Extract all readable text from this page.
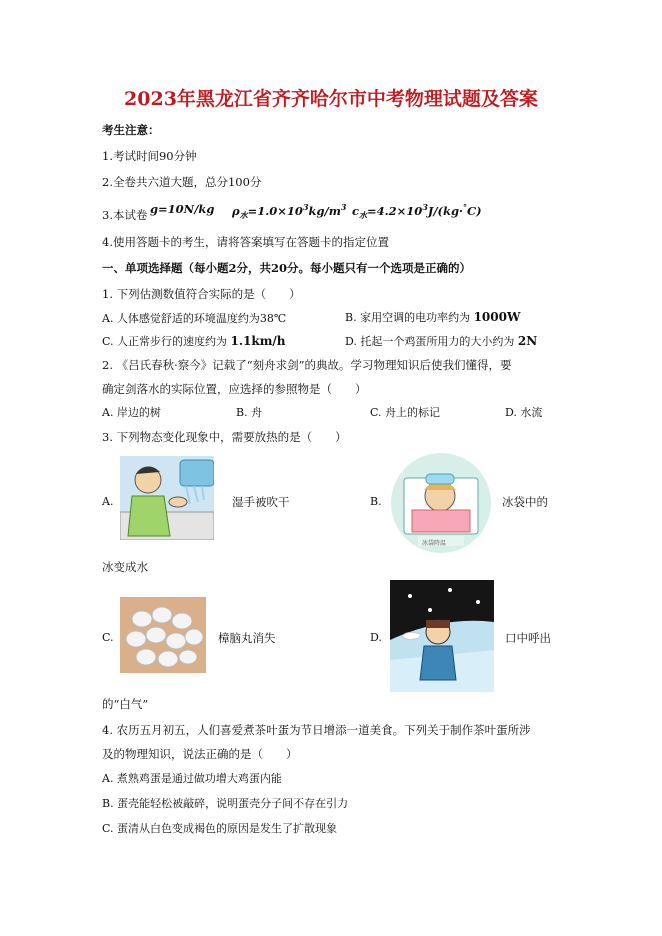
2023年黑龙江省齐齐哈尔市中考物理试题及答案
考生注意：
1.考试时间90分钟
2.全卷共六道大题，总分100分
3.本试卷 g=10N/kg $\rho_水=1.0\times 10^3kg/m^3$ $c_水=4.2\times 10^3J/(kg\cdot^\circ C)$
4.使用答题卡的考生，请将答案填写在答题卡的指定位置
一、单项选择题（每小题2分，共20分。每小题只有一个选项是正确的）
1. 下列估测数值符合实际的是（　　）
A. 人体感觉舒适的环境温度约为38℃	B. 家用空调的电功率约为 1000W
C. 人正常步行的速度约为 1.1km/h	D. 托起一个鸡蛋所用力的大小约为 2N
2. 《吕氏春秋·察今》记载了“刻舟求剑”的典故。学习物理知识后使我们懂得，要
确定剑落水的实际位置，应选择的参照物是（　　）
A. 岸边的树	B. 舟	C. 舟上的标记	D. 水流
3. 下列物态变化现象中，需要放热的是（　　）
A.	湿手被吹干	B.
冰袋降温
冰袋中的
冰变成水
C.	樟脑丸消失	D.	口中呼出
的“白气”
4. 农历五月初五，人们喜爱煮茶叶蛋为节日增添一道美食。下列关于制作茶叶蛋所涉
及的物理知识，说法正确的是（　　）
A. 煮熟鸡蛋是通过做功增大鸡蛋内能
B. 蛋壳能轻松被敲碎，说明蛋壳分子间不存在引力
C. 蛋清从白色变成褐色的原因是发生了扩散现象
